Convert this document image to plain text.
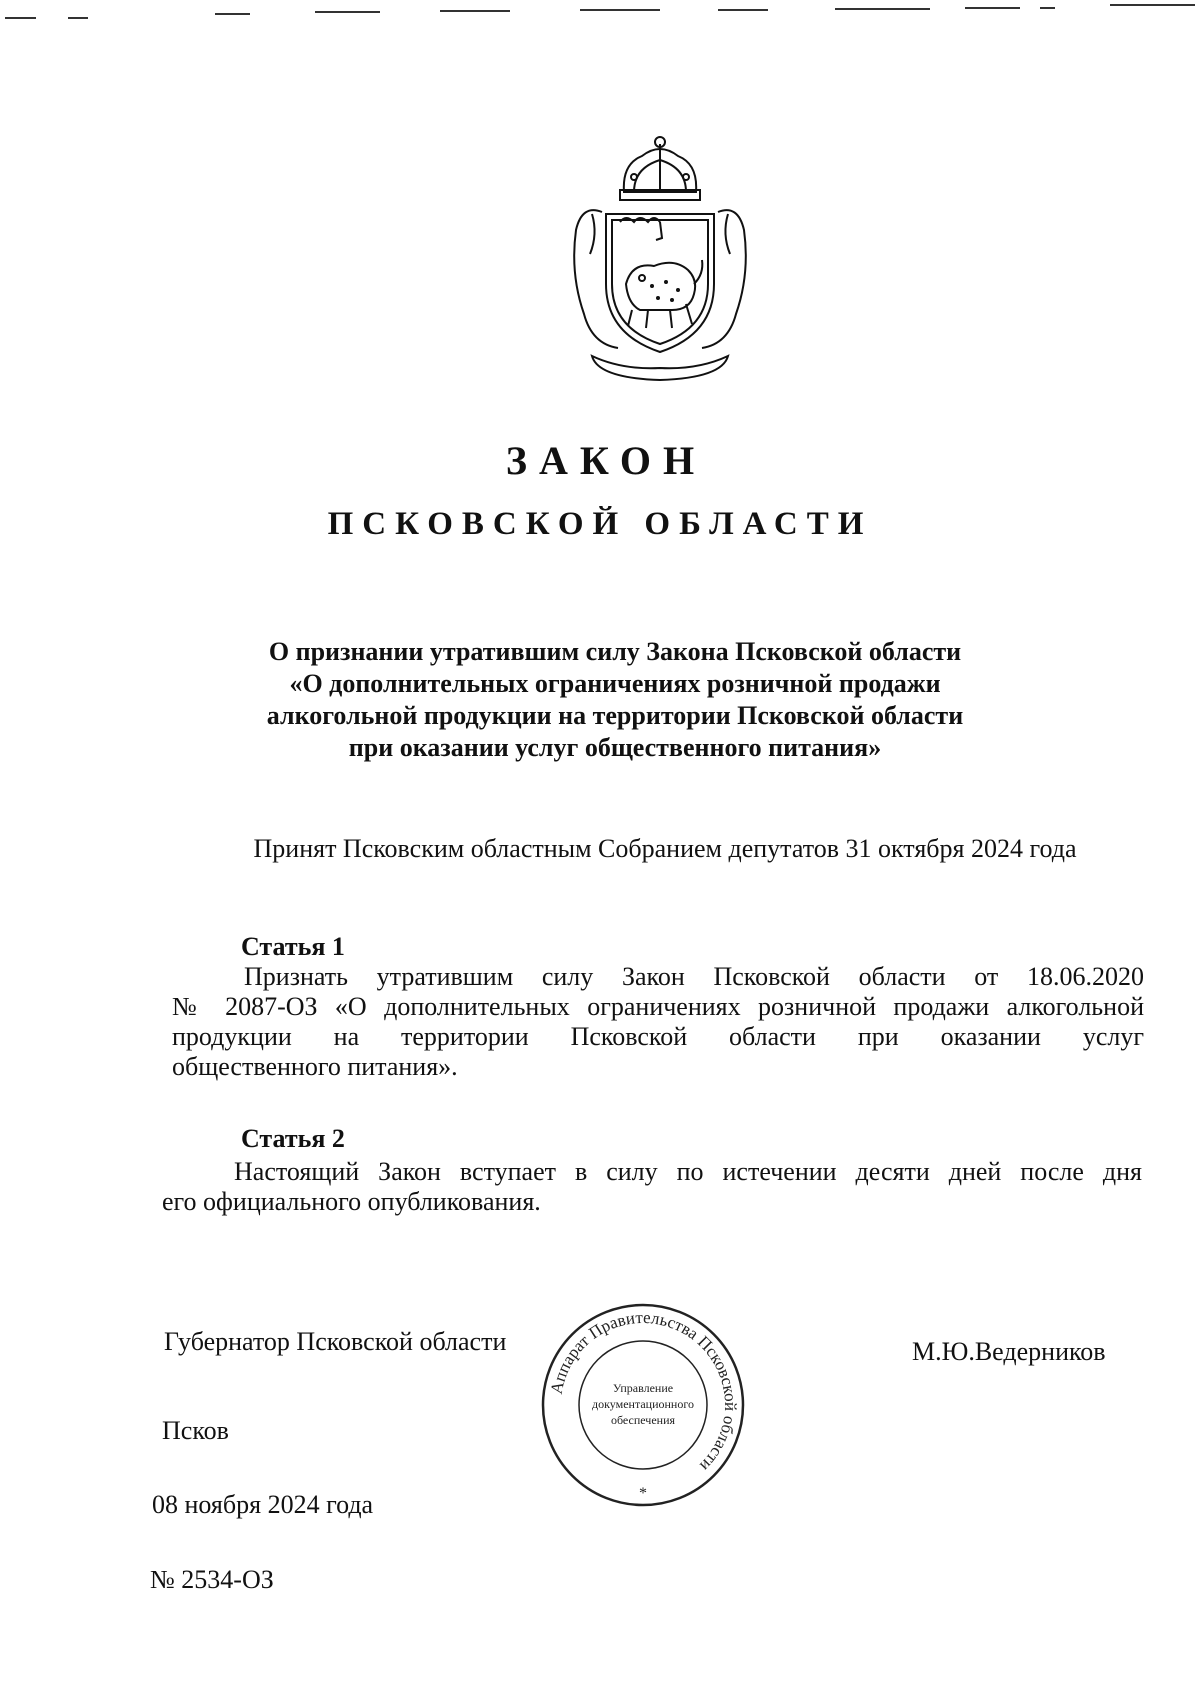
ЗАКОН
ПСКОВСКОЙ ОБЛАСТИ
О признании утратившим силу Закона Псковской области
«О дополнительных ограничениях розничной продажи
алкогольной продукции на территории Псковской области
при оказании услуг общественного питания»
Принят Псковским областным Собранием депутатов 31 октября 2024 года
Статья 1
Признать утратившим силу Закон Псковской области от 18.06.2020
№ 2087-ОЗ «О дополнительных ограничениях розничной продажи алкогольной
продукции на территории Псковской области при оказании услуг
общественного питания».
Статья 2
Настоящий Закон вступает в силу по истечении десяти дней после дня
его официального опубликования.
Губернатор Псковской области	М.Ю.Ведерников
Аппарат Правительства Псковской области
Управление
документационного
обеспечения
*
Псков
08 ноября 2024 года
№ 2534-ОЗ
